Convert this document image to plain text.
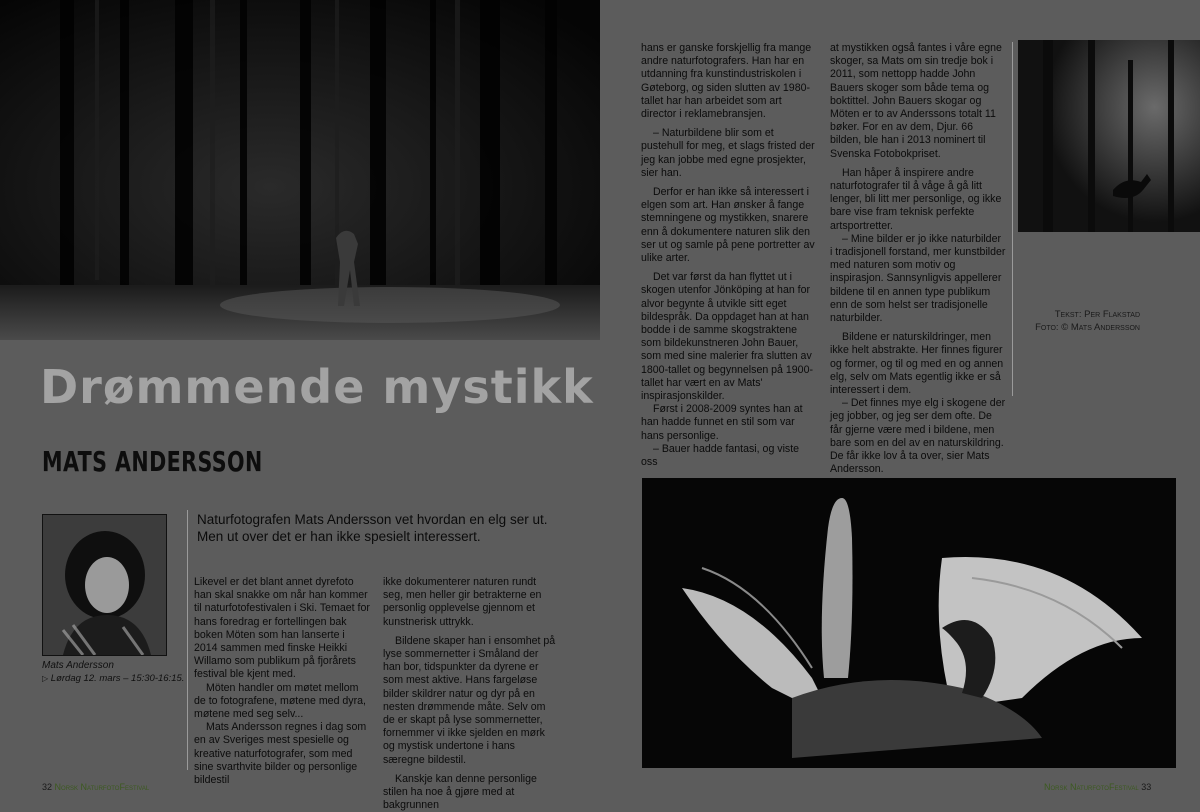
Drømmende mystikk
MATS ANDERSSON
Naturfotografen Mats Andersson vet hvordan en elg ser ut. Men ut over det er han ikke spesielt interessert.
Mats Andersson
▷ Lørdag 12. mars – 15:30-16:15.

Likevel er det blant annet dyrefoto han skal snakke om når han kommer til naturfotofestivalen i Ski. Temaet for hans foredrag er fortellingen bak boken Möten som han lanserte i 2014 sammen med finske Heikki Willamo som publikum på fjorårets festival ble kjent med.

Möten handler om møtet mellom de to fotografene, møtene med dyra, møtene med seg selv...

Mats Andersson regnes i dag som en av Sveriges mest spesielle og kreative naturfotografer, som med sine svarthvite bilder og personlige bildestil

ikke dokumenterer naturen rundt seg, men heller gir betrakterne en personlig opplevelse gjennom et kunstnerisk uttrykk.

Bildene skaper han i ensomhet på lyse sommernetter i Småland der han bor, tidspunkter da dyrene er som mest aktive. Hans fargeløse bilder skildrer natur og dyr på en nesten drømmende måte. Selv om de er skapt på lyse sommernetter, fornemmer vi ikke sjelden en mørk og mystisk undertone i hans særegne bildestil.

Kanskje kan denne personlige stilen ha noe å gjøre med at bakgrunnen

hans er ganske forskjellig fra mange andre naturfotografers. Han har en utdanning fra kunstindustriskolen i Gøteborg, og siden slutten av 1980-tallet har han arbeidet som art director i reklamebransjen.

– Naturbildene blir som et pustehull for meg, et slags fristed der jeg kan jobbe med egne prosjekter, sier han.

Derfor er han ikke så interessert i elgen som art. Han ønsker å fange stemningene og mystikken, snarere enn å dokumentere naturen slik den ser ut og samle på pene portretter av ulike arter.

Det var først da han flyttet ut i skogen utenfor Jönköping at han for alvor begynte å utvikle sitt eget bildespråk. Da oppdaget han at han bodde i de samme skogstraktene som bildekunstneren John Bauer, som med sine malerier fra slutten av 1800-tallet og begynnelsen på 1900-tallet har vært en av Mats' inspirasjonskilder.

Først i 2008-2009 syntes han at han hadde funnet en stil som var hans personlige.

– Bauer hadde fantasi, og viste oss

at mystikken også fantes i våre egne skoger, sa Mats om sin tredje bok i 2011, som nettopp hadde John Bauers skoger som både tema og boktittel. John Bauers skogar og Möten er to av Anderssons totalt 11 bøker. For en av dem, Djur. 66 bilden, ble han i 2013 nominert til Svenska Fotobokpriset.

Han håper å inspirere andre naturfotografer til å våge å gå litt lenger, bli litt mer personlige, og ikke bare vise fram teknisk perfekte artsportretter.

– Mine bilder er jo ikke naturbilder i tradisjonell forstand, mer kunstbilder med naturen som motiv og inspirasjon. Sannsynligvis appellerer bildene til en annen type publikum enn de som helst ser tradisjonelle naturbilder.

Bildene er naturskildringer, men ikke helt abstrakte. Her finnes figurer og former, og til og med en og annen elg, selv om Mats egentlig ikke er så interessert i dem.

– Det finnes mye elg i skogene der jeg jobber, og jeg ser dem ofte. De får gjerne være med i bildene, men bare som en del av en naturskildring. De får ikke lov å ta over, sier Mats Andersson.

Tekst: Per Flakstad
Foto: © Mats Andersson
32 Norsk NaturfotoFestival	Norsk NaturfotoFestival 33
